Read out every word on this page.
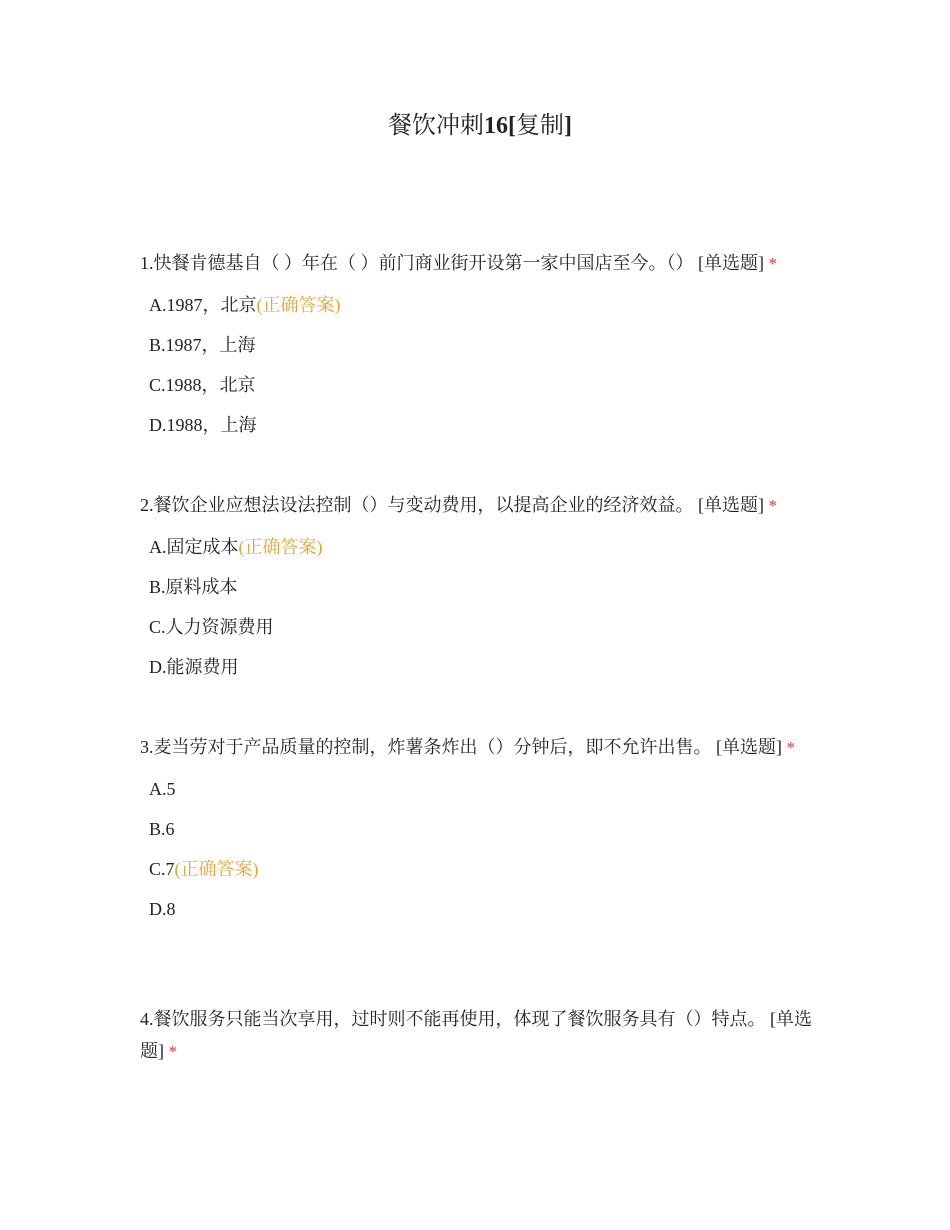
餐饮冲刺16[复制]

1.快餐肯德基自（ ）年在（ ）前门商业街开设第一家中国店至今。（） [单选题] *

A.1987，北京(正确答案)
B.1987，上海
C.1988，北京
D.1988，上海

2.餐饮企业应想法设法控制（）与变动费用，以提高企业的经济效益。 [单选题] *

A.固定成本(正确答案)
B.原料成本
C.人力资源费用
D.能源费用

3.麦当劳对于产品质量的控制，炸薯条炸出（）分钟后，即不允许出售。 [单选题] *

A.5
B.6
C.7(正确答案)
D.8

4.餐饮服务只能当次享用，过时则不能再使用，体现了餐饮服务具有（）特点。 [单选题] *
